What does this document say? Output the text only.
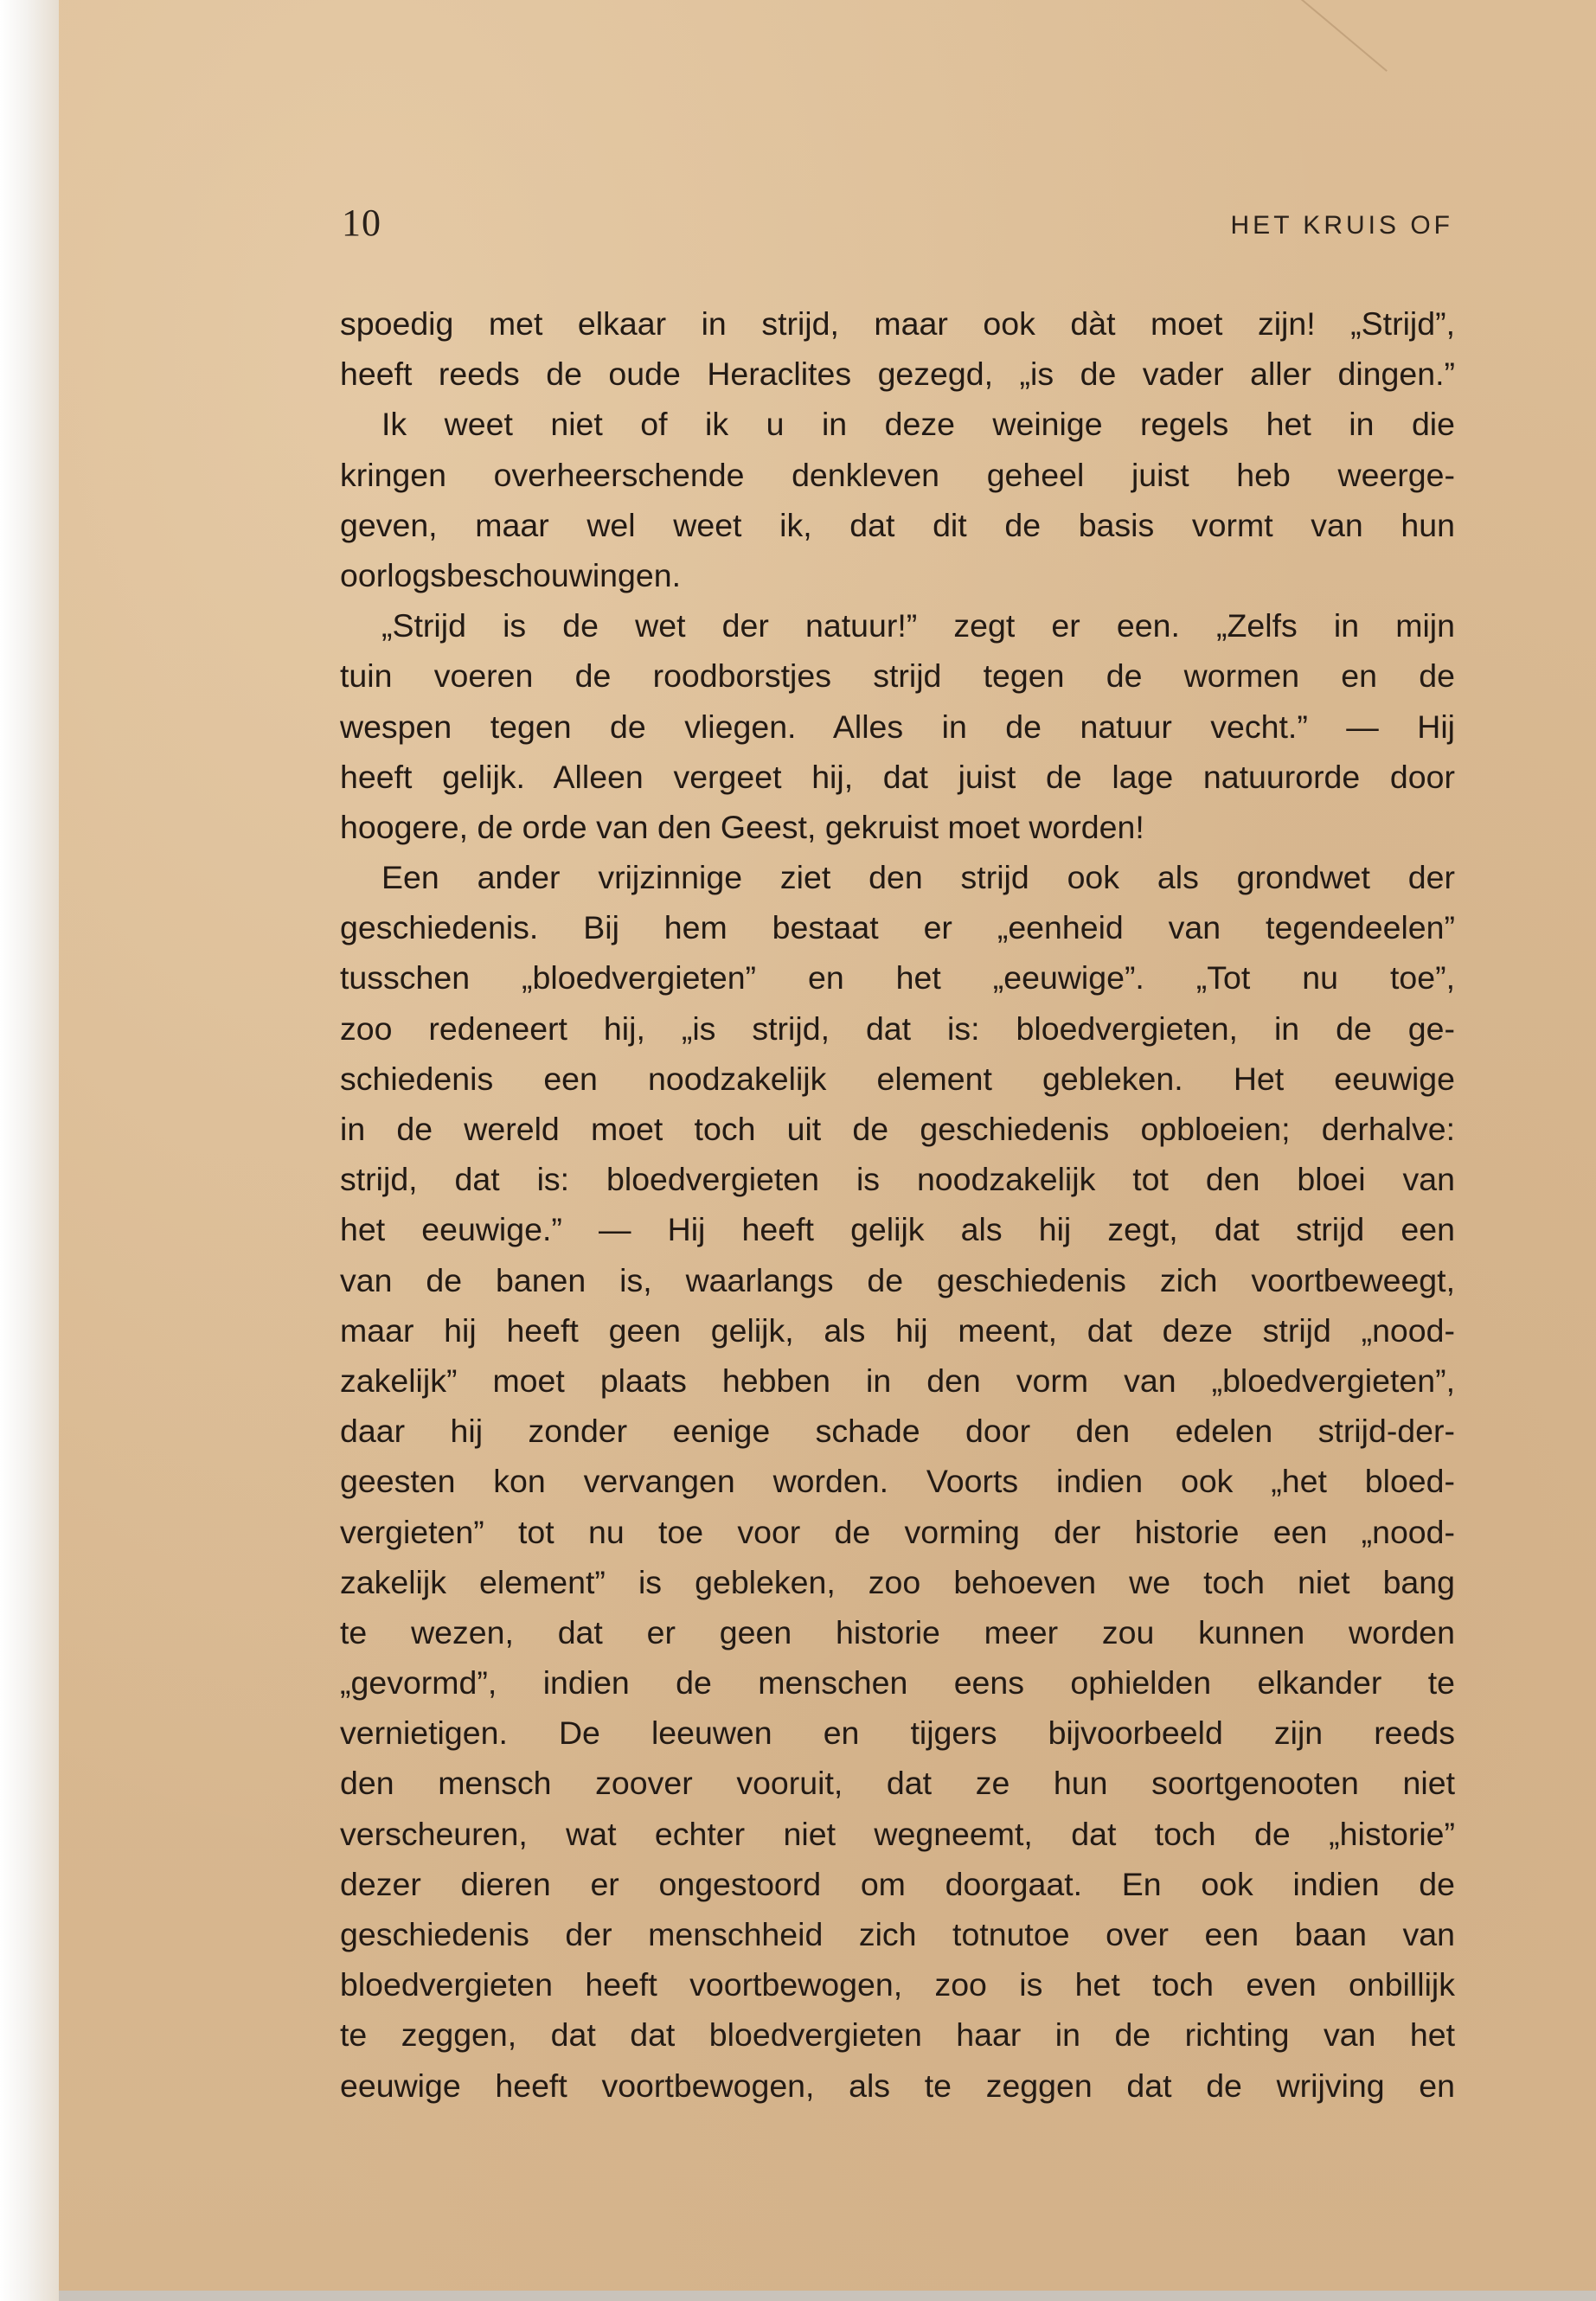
10	HET KRUIS OF
spoedig met elkaar in strijd, maar ook dàt moet zijn! „Strijd”,
heeft reeds de oude Heraclites gezegd, „is de vader aller dingen.”
Ik weet niet of ik u in deze weinige regels het in die
kringen overheerschende denkleven geheel juist heb weerge-
geven, maar wel weet ik, dat dit de basis vormt van hun
oorlogsbeschouwingen.
„Strijd is de wet der natuur!” zegt er een. „Zelfs in mijn
tuin voeren de roodborstjes strijd tegen de wormen en de
wespen tegen de vliegen. Alles in de natuur vecht.” — Hij
heeft gelijk. Alleen vergeet hij, dat juist de lage natuurorde door
hoogere, de orde van den Geest, gekruist moet worden!
Een ander vrijzinnige ziet den strijd ook als grondwet der
geschiedenis. Bij hem bestaat er „eenheid van tegendeelen”
tusschen „bloedvergieten” en het „eeuwige”. „Tot nu toe”,
zoo redeneert hij, „is strijd, dat is: bloedvergieten, in de ge-
schiedenis een noodzakelijk element gebleken. Het eeuwige
in de wereld moet toch uit de geschiedenis opbloeien; derhalve:
strijd, dat is: bloedvergieten is noodzakelijk tot den bloei van
het eeuwige.” — Hij heeft gelijk als hij zegt, dat strijd een
van de banen is, waarlangs de geschiedenis zich voortbeweegt,
maar hij heeft geen gelijk, als hij meent, dat deze strijd „nood-
zakelijk” moet plaats hebben in den vorm van „bloedvergieten”,
daar hij zonder eenige schade door den edelen strijd-der-
geesten kon vervangen worden. Voorts indien ook „het bloed-
vergieten” tot nu toe voor de vorming der historie een „nood-
zakelijk element” is gebleken, zoo behoeven we toch niet bang
te wezen, dat er geen historie meer zou kunnen worden
„gevormd”, indien de menschen eens ophielden elkander te
vernietigen. De leeuwen en tijgers bijvoorbeeld zijn reeds
den mensch zoover vooruit, dat ze hun soortgenooten niet
verscheuren, wat echter niet wegneemt, dat toch de „historie”
dezer dieren er ongestoord om doorgaat. En ook indien de
geschiedenis der menschheid zich totnutoe over een baan van
bloedvergieten heeft voortbewogen, zoo is het toch even onbillijk
te zeggen, dat dat bloedvergieten haar in de richting van het
eeuwige heeft voortbewogen, als te zeggen dat de wrijving en
